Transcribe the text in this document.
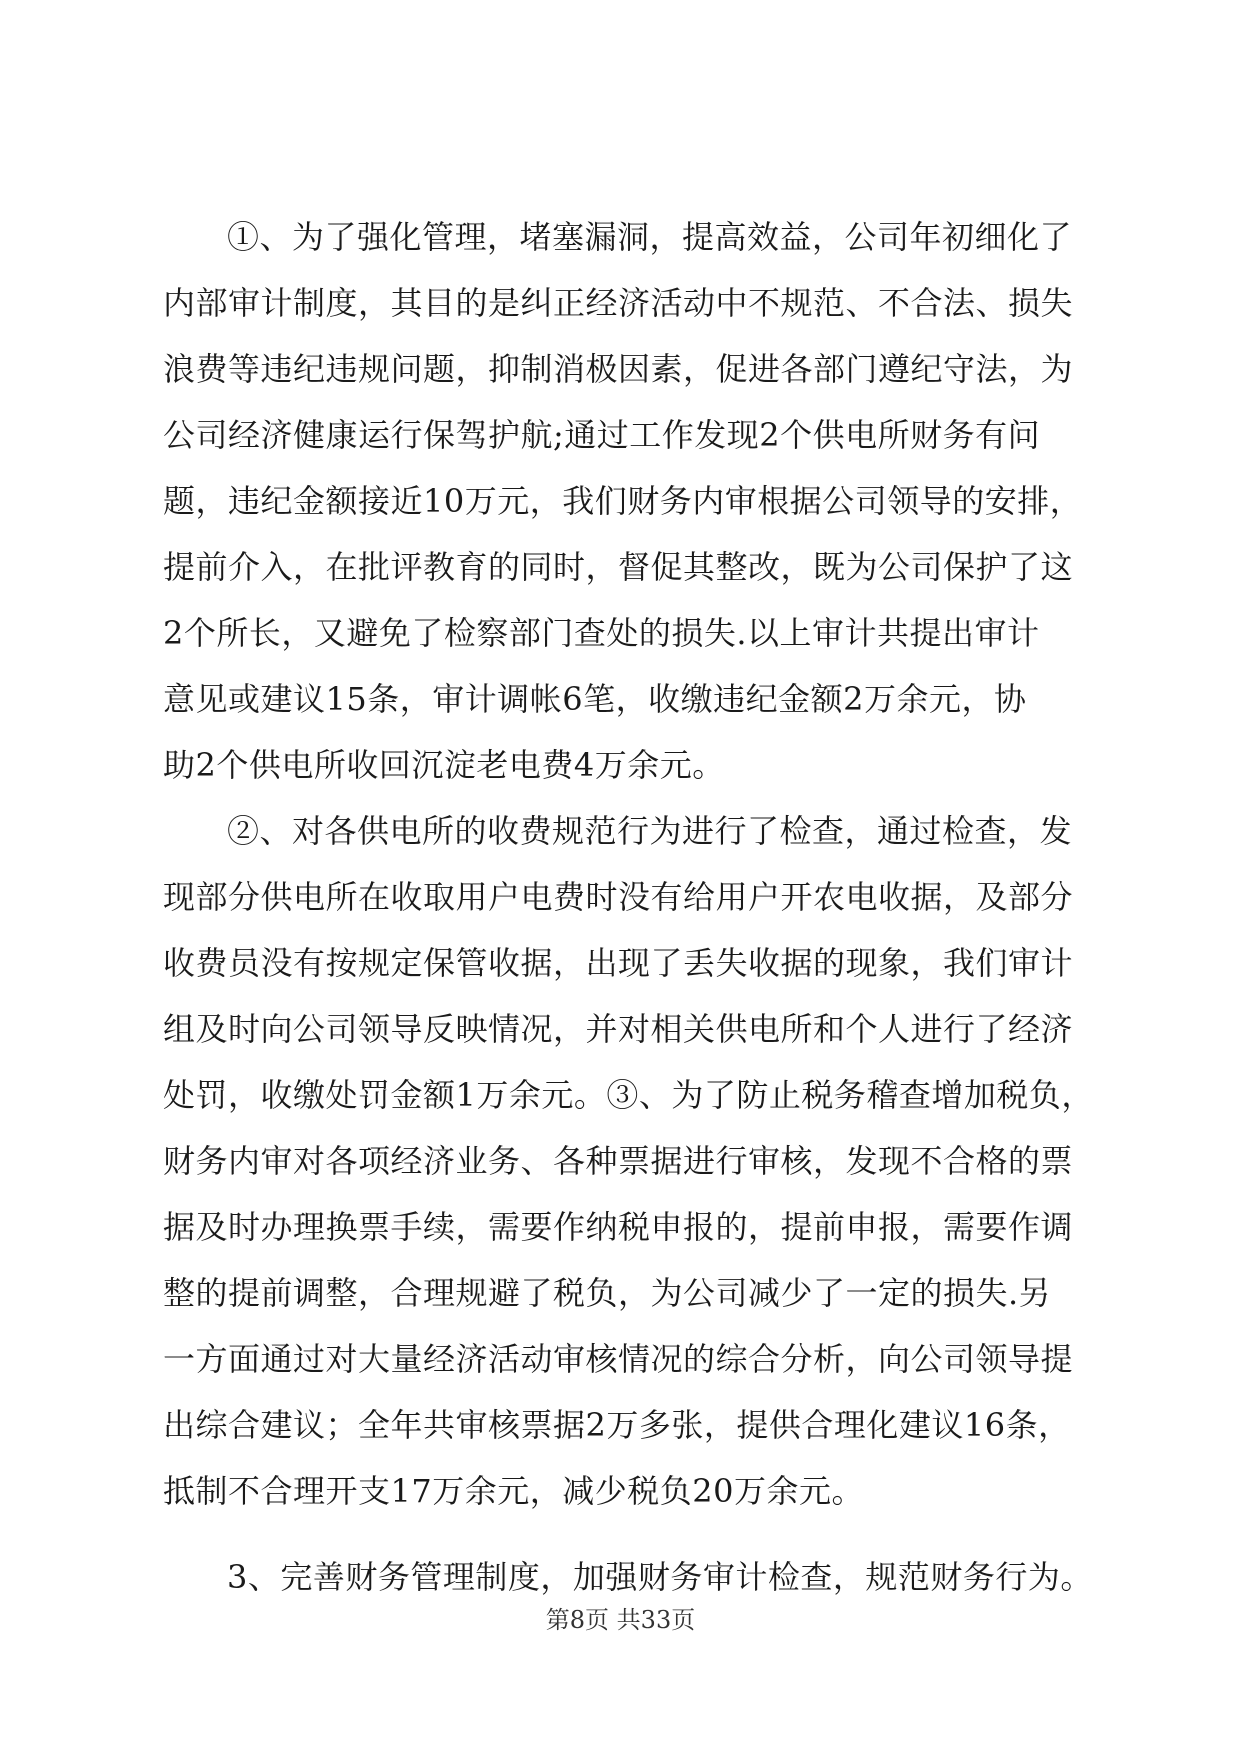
①、为了强化管理，堵塞漏洞，提高效益，公司年初细化了
内部审计制度，其目的是纠正经济活动中不规范、不合法、损失
浪费等违纪违规问题，抑制消极因素，促进各部门遵纪守法，为
公司经济健康运行保驾护航;通过工作发现2个供电所财务有问
题，违纪金额接近10万元，我们财务内审根据公司领导的安排，
提前介入，在批评教育的同时，督促其整改，既为公司保护了这
2个所长，又避免了检察部门查处的损失.以上审计共提出审计
意见或建议15条，审计调帐6笔，收缴违纪金额2万余元，协
助2个供电所收回沉淀老电费4万余元。
②、对各供电所的收费规范行为进行了检查，通过检查，发
现部分供电所在收取用户电费时没有给用户开农电收据，及部分
收费员没有按规定保管收据，出现了丢失收据的现象，我们审计
组及时向公司领导反映情况，并对相关供电所和个人进行了经济
处罚，收缴处罚金额1万余元。③、为了防止税务稽查增加税负，
财务内审对各项经济业务、各种票据进行审核，发现不合格的票
据及时办理换票手续，需要作纳税申报的，提前申报，需要作调
整的提前调整，合理规避了税负，为公司减少了一定的损失.另
一方面通过对大量经济活动审核情况的综合分析，向公司领导提
出综合建议；全年共审核票据2万多张，提供合理化建议16条，
抵制不合理开支17万余元，减少税负20万余元。
3、完善财务管理制度，加强财务审计检查，规范财务行为。
第8页 共33页
